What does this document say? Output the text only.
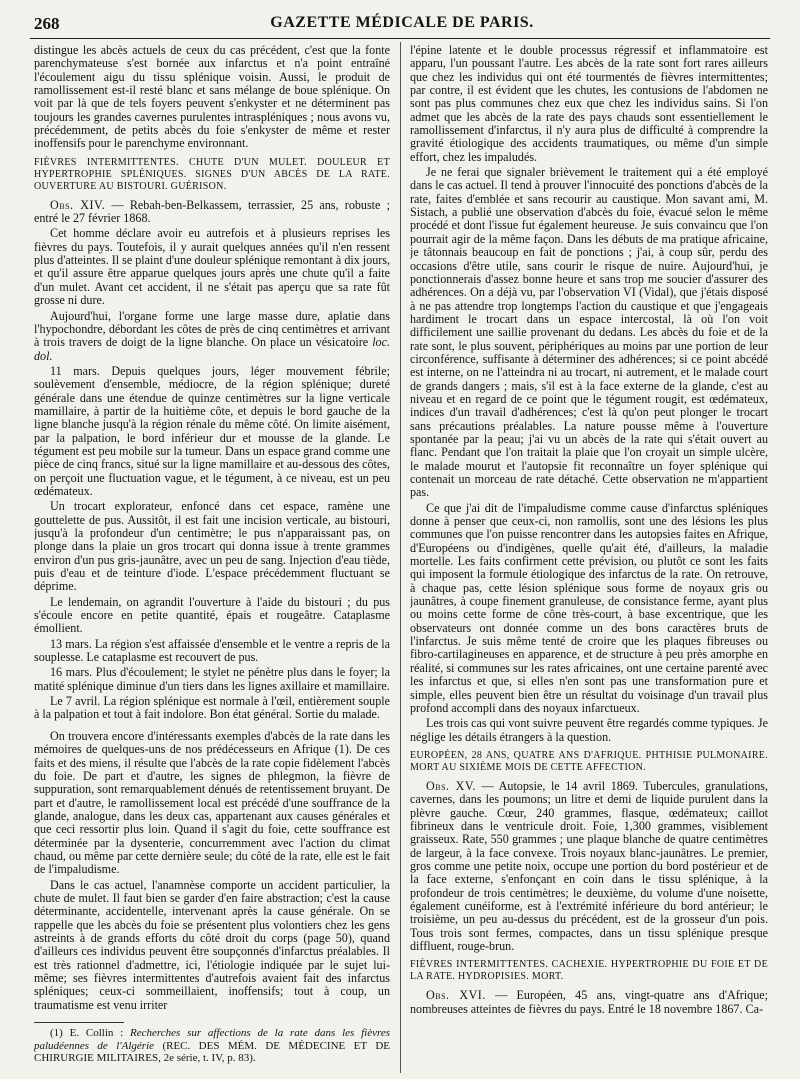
268	GAZETTE MÉDICALE DE PARIS.

distingue les abcès actuels de ceux du cas précédent, c'est que la fonte parenchymateuse s'est bornée aux infarctus et n'a point entraîné l'écoulement aigu du tissu splénique voisin. Aussi, le produit de ramollissement est-il resté blanc et sans mélange de boue splénique. On voit par là que de tels foyers peuvent s'enkyster et ne déterminent pas toujours les grandes cavernes purulentes intraspléniques ; nous avons vu, précédemment, de petits abcès du foie s'enkyster de même et rester inoffensifs pour le parenchyme environnant.

FIÈVRES INTERMITTENTES. CHUTE D'UN MULET. DOULEUR ET HYPERTROPHIE SPLÉNIQUES. SIGNES D'UN ABCÈS DE LA RATE. OUVERTURE AU BISTOURI. GUÉRISON.

Obs. XIV. — Rebah-ben-Belkassem, terrassier, 25 ans, robuste ; entré le 27 février 1868.

Cet homme déclare avoir eu autrefois et à plusieurs reprises les fièvres du pays. Toutefois, il y aurait quelques années qu'il n'en ressent plus d'atteintes. Il se plaint d'une douleur splénique remontant à dix jours, et qu'il assure être apparue quelques jours après une chute qu'il a faite d'un mulet. Avant cet accident, il ne s'était pas aperçu que sa rate fût grosse ni dure.

Aujourd'hui, l'organe forme une large masse dure, aplatie dans l'hypochondre, débordant les côtes de près de cinq centimètres et arrivant à trois travers de doigt de la ligne blanche. On place un vésicatoire loc. dol.

11 mars. Depuis quelques jours, léger mouvement fébrile; soulèvement d'ensemble, médiocre, de la région splénique; dureté générale dans une étendue de quinze centimètres sur la ligne verticale mamillaire, à partir de la huitième côte, et depuis le bord gauche de la ligne blanche jusqu'à la région rénale du même côté. On limite aisément, par la palpation, le bord inférieur dur et mousse de la glande. Le tégument est peu mobile sur la tumeur. Dans un espace grand comme une pièce de cinq francs, situé sur la ligne mamillaire et au-dessous des côtes, on perçoit une fluctuation vague, et le tégument, à ce niveau, est un peu œdémateux.

Un trocart explorateur, enfoncé dans cet espace, ramène une gouttelette de pus. Aussitôt, il est fait une incision verticale, au bistouri, jusqu'à la profondeur d'un centimètre; le pus n'apparaissant pas, on plonge dans la plaie un gros trocart qui donna issue à trente grammes environ d'un pus gris-jaunâtre, avec un peu de sang. Injection d'eau tiède, puis d'eau et de teinture d'iode. L'espace précédemment fluctuant se déprime.

Le lendemain, on agrandit l'ouverture à l'aide du bistouri ; du pus s'écoule encore en petite quantité, épais et rougeâtre. Cataplasme émollient.

13 mars. La région s'est affaissée d'ensemble et le ventre a repris de la souplesse. Le cataplasme est recouvert de pus.

16 mars. Plus d'écoulement; le stylet ne pénètre plus dans le foyer; la matité splénique diminue d'un tiers dans les lignes axillaire et mamillaire.

Le 7 avril. La région splénique est normale à l'œil, entièrement souple à la palpation et tout à fait indolore. Bon état général. Sortie du malade.

On trouvera encore d'intéressants exemples d'abcès de la rate dans les mémoires de quelques-uns de nos prédécesseurs en Afrique (1). De ces faits et des miens, il résulte que l'abcès de la rate copie fidèlement l'abcès du foie. De part et d'autre, les signes de phlegmon, la fièvre de suppuration, sont remarquablement dénués de retentissement bruyant. De part et d'autre, le ramollissement local est précédé d'une souffrance de la glande, analogue, dans les deux cas, appartenant aux causes générales et que ceci ressortir plus loin. Quand il s'agit du foie, cette souffrance est déterminée par la dysenterie, concurremment avec l'action du climat chaud, ou même par cette dernière seule; du côté de la rate, elle est le fait de l'impaludisme.

Dans le cas actuel, l'anamnèse comporte un accident particulier, la chute de mulet. Il faut bien se garder d'en faire abstraction; c'est la cause déterminante, accidentelle, intervenant après la cause générale. On se rappelle que les abcès du foie se présentent plus volontiers chez les gens astreints à de grands efforts du côté droit du corps (page 50), quand d'ailleurs ces individus peuvent être soupçonnés d'infarctus préalables. Il est très rationnel d'admettre, ici, l'étiologie indiquée par le sujet lui-même; ses fièvres intermittentes d'autrefois avaient fait des infarctus spléniques; ceux-ci sommeillaient, inoffensifs; tout à coup, un traumatisme est venu irriter

(1) E. Collin : Recherches sur affections de la rate dans les fièvres paludéennes de l'Algérie (REC. DES MÉM. DE MÉDECINE ET DE CHIRURGIE MILITAIRES, 2e série, t. IV, p. 83).

l'épine latente et le double processus régressif et inflammatoire est apparu, l'un poussant l'autre. Les abcès de la rate sont fort rares ailleurs que chez les individus qui ont été tourmentés de fièvres intermittentes; par contre, il est évident que les chutes, les contusions de l'abdomen ne sont pas plus communes chez eux que chez les individus sains. Si l'on admet que les abcès de la rate des pays chauds sont essentiellement le ramollissement d'infarctus, il n'y aura plus de difficulté à comprendre la gravité étiologique des accidents traumatiques, ou même d'un simple effort, chez les impaludés.

Je ne ferai que signaler brièvement le traitement qui a été employé dans le cas actuel. Il tend à prouver l'innocuité des ponctions d'abcès de la rate, faites d'emblée et sans recourir au caustique. Mon savant ami, M. Sistach, a publié une observation d'abcès du foie, évacué selon le même procédé et dont l'issue fut également heureuse. Je suis convaincu que l'on pourrait agir de la même façon. Dans les débuts de ma pratique africaine, je tâtonnais beaucoup en fait de ponctions ; j'ai, à coup sûr, perdu des occasions d'être utile, sans courir le risque de nuire. Aujourd'hui, je ponctionnerais d'assez bonne heure et sans trop me soucier d'assurer des adhérences. On a déjà vu, par l'observation VI (Vidal), que j'étais disposé à ne pas attendre trop longtemps l'action du caustique et que j'engageais hardiment le trocart dans un espace intercostal, là où l'on voit difficilement une saillie provenant du dedans. Les abcès du foie et de la rate sont, le plus souvent, périphériques au moins par une portion de leur circonférence, suffisante à déterminer des adhérences; si ce point abcédé est interne, on ne l'atteindra ni au trocart, ni autrement, et le malade court de grands dangers ; mais, s'il est à la face externe de la glande, c'est au niveau et en regard de ce point que le tégument rougit, est œdémateux, indices d'un travail d'adhérences; c'est là qu'on peut plonger le trocart sans précautions préalables. La nature pousse même à l'ouverture spontanée par la peau; j'ai vu un abcès de la rate qui s'était ouvert au flanc. Pendant que l'on traitait la plaie que l'on croyait un simple ulcère, le malade mourut et l'autopsie fit reconnaître un foyer splénique qui contenait un morceau de rate détaché. Cette observation ne m'appartient pas.

Ce que j'ai dit de l'impaludisme comme cause d'infarctus spléniques donne à penser que ceux-ci, non ramollis, sont une des lésions les plus communes que l'on puisse rencontrer dans les autopsies faites en Afrique, d'Européens ou d'indigènes, quelle qu'ait été, d'ailleurs, la maladie mortelle. Les faits confirment cette prévision, ou plutôt ce sont les faits qui imposent la formule étiologique des infarctus de la rate. On retrouve, à chaque pas, cette lésion splénique sous forme de noyaux gris ou jaunâtres, à coupe finement granuleuse, de consistance ferme, ayant plus ou moins cette forme de cône très-court, à base excentrique, que les observateurs ont donnée comme un des bons caractères bruts de l'infarctus. Je suis même tenté de croire que les plaques fibreuses ou fibro-cartilagineuses en apparence, et de structure à peu près amorphe en réalité, si communes sur les rates africaines, ont une certaine parenté avec les infarctus et que, si elles n'en sont pas une transformation pure et simple, elles peuvent bien être un résultat du voisinage d'un travail plus profond accompli dans des noyaux infarctueux.

Les trois cas qui vont suivre peuvent être regardés comme typiques. Je néglige les détails étrangers à la question.

EUROPÉEN, 28 ANS, QUATRE ANS D'AFRIQUE. PHTHISIE PULMONAIRE. MORT AU SIXIÈME MOIS DE CETTE AFFECTION.

Obs. XV. — Autopsie, le 14 avril 1869. Tubercules, granulations, cavernes, dans les poumons; un litre et demi de liquide purulent dans la plèvre gauche. Cœur, 240 grammes, flasque, œdémateux; caillot fibrineux dans le ventricule droit. Foie, 1,300 grammes, visiblement graisseux. Rate, 550 grammes ; une plaque blanche de quatre centimètres de largeur, à la face convexe. Trois noyaux blanc-jaunâtres. Le premier, gros comme une petite noix, occupe une portion du bord postérieur et de la face externe, s'enfonçant en coin dans le tissu splénique, à la profondeur de trois centimètres; le deuxième, du volume d'une noisette, également cunéiforme, est à l'extrémité inférieure du bord antérieur; le troisième, un peu au-dessus du précédent, est de la grosseur d'un pois. Tous trois sont fermes, compactes, dans un tissu splénique presque diffluent, rouge-brun.

FIÈVRES INTERMITTENTES. CACHEXIE. HYPERTROPHIE DU FOIE ET DE LA RATE. HYDROPISIES. MORT.

Obs. XVI. — Européen, 45 ans, vingt-quatre ans d'Afrique; nombreuses atteintes de fièvres du pays. Entré le 18 novembre 1867. Ca-
